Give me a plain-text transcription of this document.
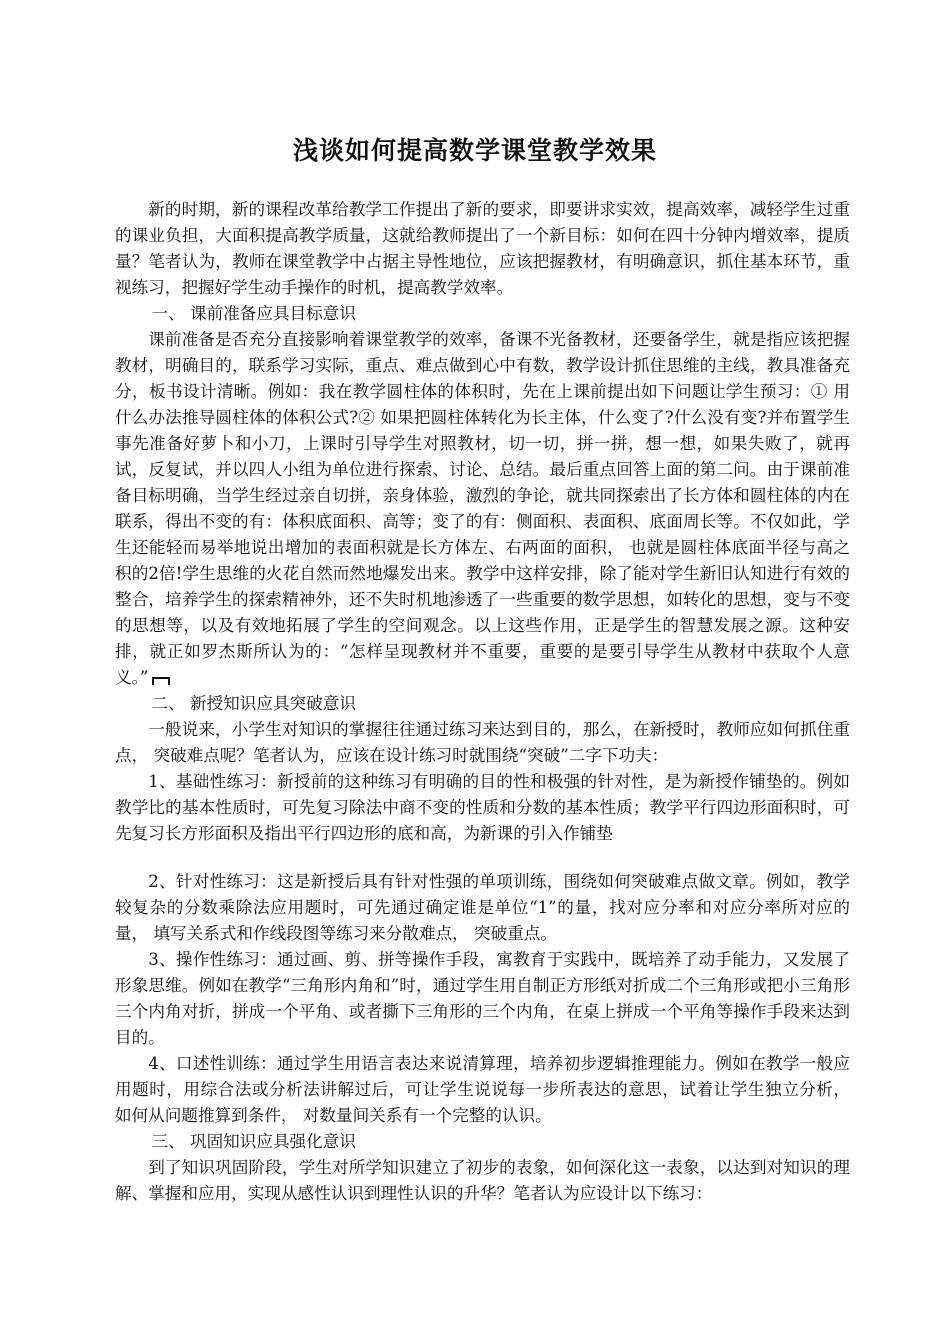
浅谈如何提高数学课堂教学效果

新的时期，新的课程改革给教学工作提出了新的要求，即要讲求实效，提高效率，减轻学生过重的课业负担，大面积提高教学质量，这就给教师提出了一个新目标：如何在四十分钟内增效率，提质量？笔者认为，教师在课堂教学中占据主导性地位，应该把握教材，有明确意识，抓住基本环节，重视练习，把握好学生动手操作的时机，提高教学效率。

一、 课前准备应具目标意识

课前准备是否充分直接影响着课堂教学的效率，备课不光备教材，还要备学生，就是指应该把握教材，明确目的，联系学习实际，重点、难点做到心中有数，教学设计抓住思维的主线，教具准备充分，板书设计清晰。例如：我在教学圆柱体的体积时，先在上课前提出如下问题让学生预习：① 用什么办法推导圆柱体的体积公式?② 如果把圆柱体转化为长主体，什么变了?什么没有变?并布置学生事先准备好萝卜和小刀，上课时引导学生对照教材，切一切，拼一拼，想一想，如果失败了，就再试，反复试，并以四人小组为单位进行探索、讨论、总结。最后重点回答上面的第二问。由于课前准备目标明确，当学生经过亲自切拼，亲身体验，激烈的争论，就共同探索出了长方体和圆柱体的内在联系，得出不变的有：体积底面积、高等；变了的有：侧面积、表面积、底面周长等。不仅如此，学生还能轻而易举地说出增加的表面积就是长方体左、右两面的面积， 也就是圆柱体底面半径与高之积的2倍!学生思维的火花自然而然地爆发出来。教学中这样安排，除了能对学生新旧认知进行有效的整合，培养学生的探索精神外，还不失时机地渗透了一些重要的数学思想，如转化的思想，变与不变的思想等，以及有效地拓展了学生的空间观念。以上这些作用，正是学生的智慧发展之源。这种安排，就正如罗杰斯所认为的：“怎样呈现教材并不重要，重要的是要引导学生从教材中获取个人意义。”

二、 新授知识应具突破意识

一般说来，小学生对知识的掌握往往通过练习来达到目的，那么，在新授时，教师应如何抓住重点， 突破难点呢？笔者认为，应该在设计练习时就围绕“突破”二字下功夫：

1、基础性练习：新授前的这种练习有明确的目的性和极强的针对性，是为新授作铺垫的。例如教学比的基本性质时，可先复习除法中商不变的性质和分数的基本性质；教学平行四边形面积时，可先复习长方形面积及指出平行四边形的底和高，为新课的引入作铺垫

2、针对性练习：这是新授后具有针对性强的单项训练，围绕如何突破难点做文章。例如，教学较复杂的分数乘除法应用题时，可先通过确定谁是单位“1”的量，找对应分率和对应分率所对应的量， 填写关系式和作线段图等练习来分散难点， 突破重点。

3、操作性练习：通过画、剪、拼等操作手段，寓教育于实践中，既培养了动手能力，又发展了形象思维。例如在教学“三角形内角和”时，通过学生用自制正方形纸对折成二个三角形或把小三角形三个内角对折，拼成一个平角、或者撕下三角形的三个内角，在桌上拼成一个平角等操作手段来达到目的。

4、口述性训练：通过学生用语言表达来说清算理，培养初步逻辑推理能力。例如在教学一般应用题时，用综合法或分析法讲解过后，可让学生说说每一步所表达的意思，试着让学生独立分析， 如何从问题推算到条件， 对数量间关系有一个完整的认识。

三、 巩固知识应具强化意识

到了知识巩固阶段，学生对所学知识建立了初步的表象，如何深化这一表象，以达到对知识的理解、掌握和应用，实现从感性认识到理性认识的升华？笔者认为应设计以下练习：
